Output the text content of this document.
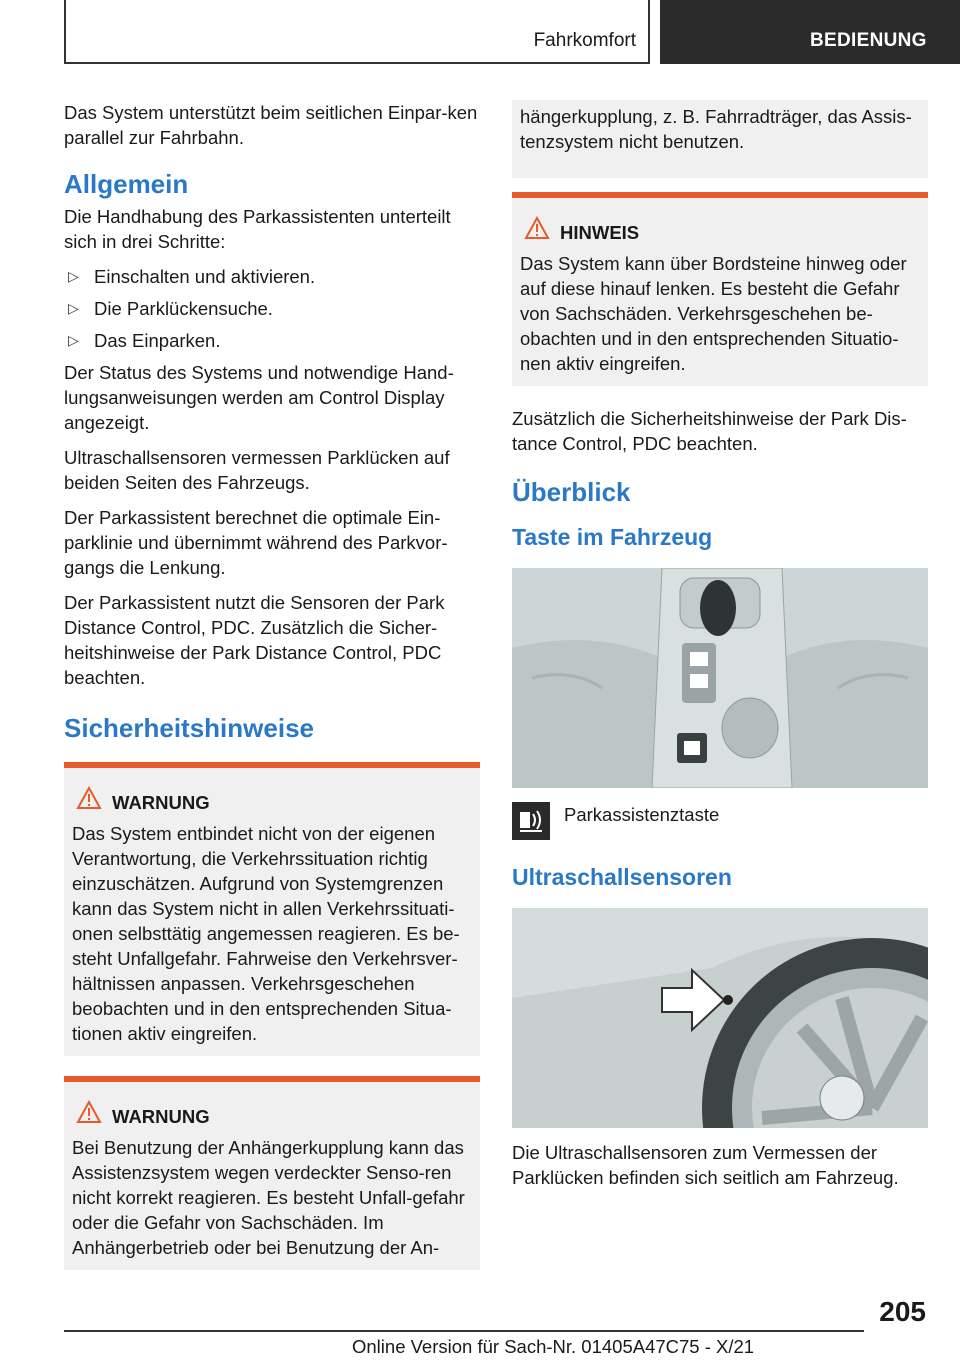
Fahrkomfort	BEDIENUNG

Das System unterstützt beim seitlichen Einpar-ken parallel zur Fahrbahn.

Allgemein

Die Handhabung des Parkassistenten unterteilt sich in drei Schritte:

▷ Einschalten und aktivieren.
▷ Die Parklückensuche.
▷ Das Einparken.

Der Status des Systems und notwendige Hand-lungsanweisungen werden am Control Display angezeigt.

Ultraschallsensoren vermessen Parklücken auf beiden Seiten des Fahrzeugs.

Der Parkassistent berechnet die optimale Ein-parklinie und übernimmt während des Parkvor-gangs die Lenkung.

Der Parkassistent nutzt die Sensoren der Park Distance Control, PDC. Zusätzlich die Sicher-heitshinweise der Park Distance Control, PDC beachten.

Sicherheitshinweise
WARNUNG

Das System entbindet nicht von der eigenen Verantwortung, die Verkehrssituation richtig einzuschätzen. Aufgrund von Systemgrenzen kann das System nicht in allen Verkehrssituati-onen selbsttätig angemessen reagieren. Es be-steht Unfallgefahr. Fahrweise den Verkehrsver-hältnissen anpassen. Verkehrsgeschehen beobachten und in den entsprechenden Situa-tionen aktiv eingreifen.

WARNUNG

Bei Benutzung der Anhängerkupplung kann das Assistenzsystem wegen verdeckter Senso-ren nicht korrekt reagieren. Es besteht Unfall-gefahr oder die Gefahr von Sachschäden. Im Anhängerbetrieb oder bei Benutzung der An-

hängerkupplung, z. B. Fahrradträger, das Assis-tenzsystem nicht benutzen.

HINWEIS

Das System kann über Bordsteine hinweg oder auf diese hinauf lenken. Es besteht die Gefahr von Sachschäden. Verkehrsgeschehen be-obachten und in den entsprechenden Situatio-nen aktiv eingreifen.

Zusätzlich die Sicherheitshinweise der Park Dis-tance Control, PDC beachten.

Überblick
Taste im Fahrzeug
Parkassistenztaste
Ultraschallsensoren

Die Ultraschallsensoren zum Vermessen der Parklücken befinden sich seitlich am Fahrzeug.

205
Online Version für Sach-Nr. 01405A47C75 - X/21
